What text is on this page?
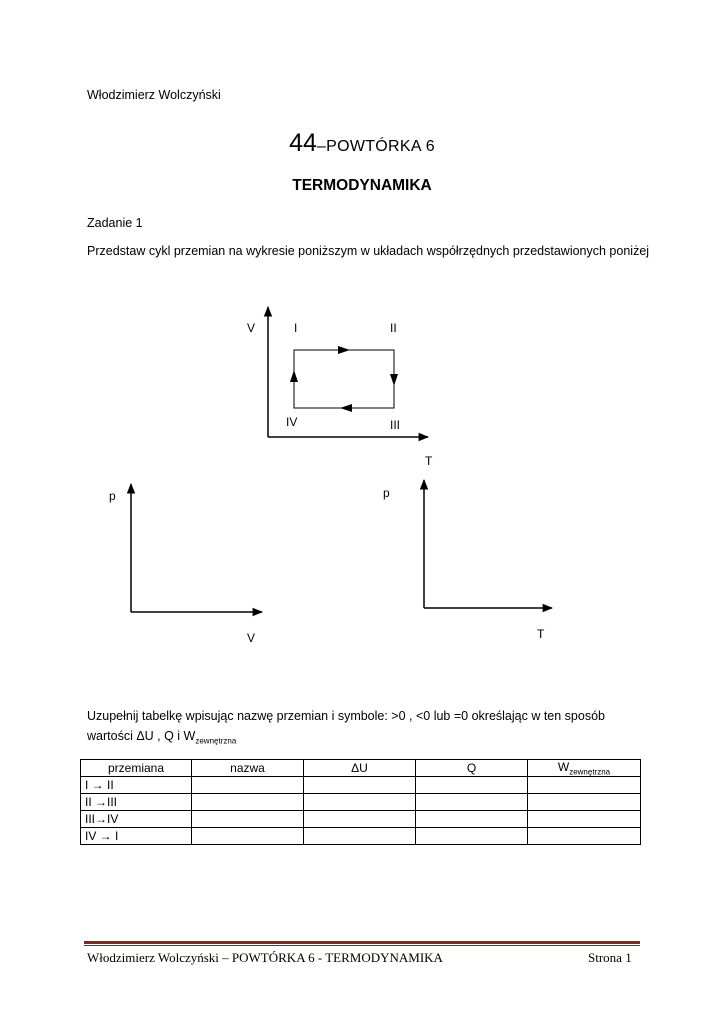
Włodzimierz Wolczyński
44–POWTÓRKA 6
TERMODYNAMIKA
Zadanie 1
Przedstaw cykl przemian na wykresie poniższym w układach współrzędnych przedstawionych poniżej
V	I	II
IV	III
T
p
V
p
T
Uzupełnij tabelkę wpisując nazwę przemian i symbole: >0 , <0 lub =0 określając w ten sposób
wartości ΔU , Q i $W_{zewnętrzna}$
przemiana	nazwa	ΔU	Q	$W_{zewnętrzna}$
I → II				
II →III				
III→IV				
IV → I				
Włodzimierz Wolczyński – POWTÓRKA 6 - TERMODYNAMIKA	Strona 1
